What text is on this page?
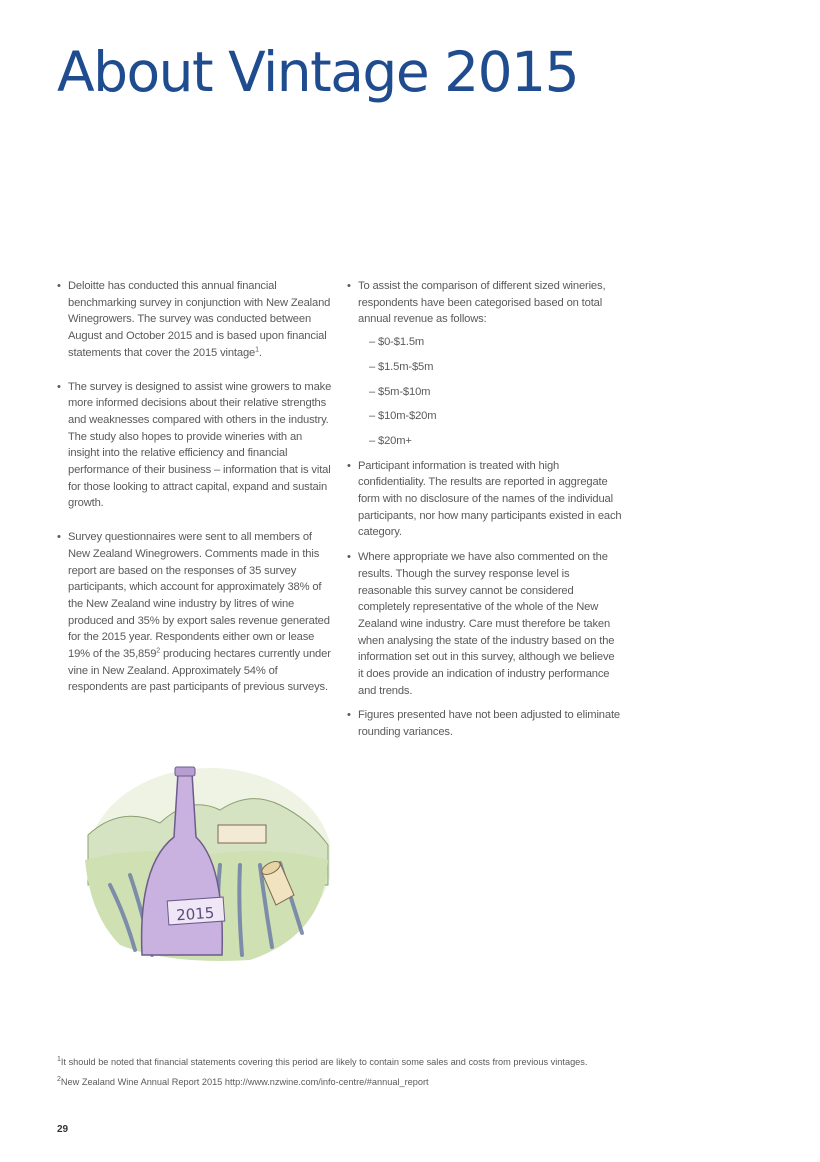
About Vintage 2015
• Deloitte has conducted this annual financial benchmarking survey in conjunction with New Zealand Winegrowers. The survey was conducted between August and October 2015 and is based upon financial statements that cover the 2015 vintage$^1$.
• The survey is designed to assist wine growers to make more informed decisions about their relative strengths and weaknesses compared with others in the industry. The study also hopes to provide wineries with an insight into the relative efficiency and financial performance of their business – information that is vital for those looking to attract capital, expand and sustain growth.
• Survey questionnaires were sent to all members of New Zealand Winegrowers. Comments made in this report are based on the responses of 35 survey participants, which account for approximately 38% of the New Zealand wine industry by litres of wine produced and 35% by export sales revenue generated for the 2015 year. Respondents either own or lease 19% of the 35,859$^2$ producing hectares currently under vine in New Zealand. Approximately 54% of respondents are past participants of previous surveys.
• To assist the comparison of different sized wineries, respondents have been categorised based on total annual revenue as follows:
– $0-$1.5m
– $1.5m-$5m
– $5m-$10m
– $10m-$20m
– $20m+
• Participant information is treated with high confidentiality. The results are reported in aggregate form with no disclosure of the names of the individual participants, nor how many participants existed in each category.
• Where appropriate we have also commented on the results. Though the survey response level is reasonable this survey cannot be considered completely representative of the whole of the New Zealand wine industry. Care must therefore be taken when analysing the state of the industry based on the information set out in this survey, although we believe it does provide an indication of industry performance and trends.
• Figures presented have not been adjusted to eliminate rounding variances.
2015

$^1$It should be noted that financial statements covering this period are likely to contain some sales and costs from previous vintages.

$^2$New Zealand Wine Annual Report 2015 http://www.nzwine.com/info-centre/#annual_report

29
